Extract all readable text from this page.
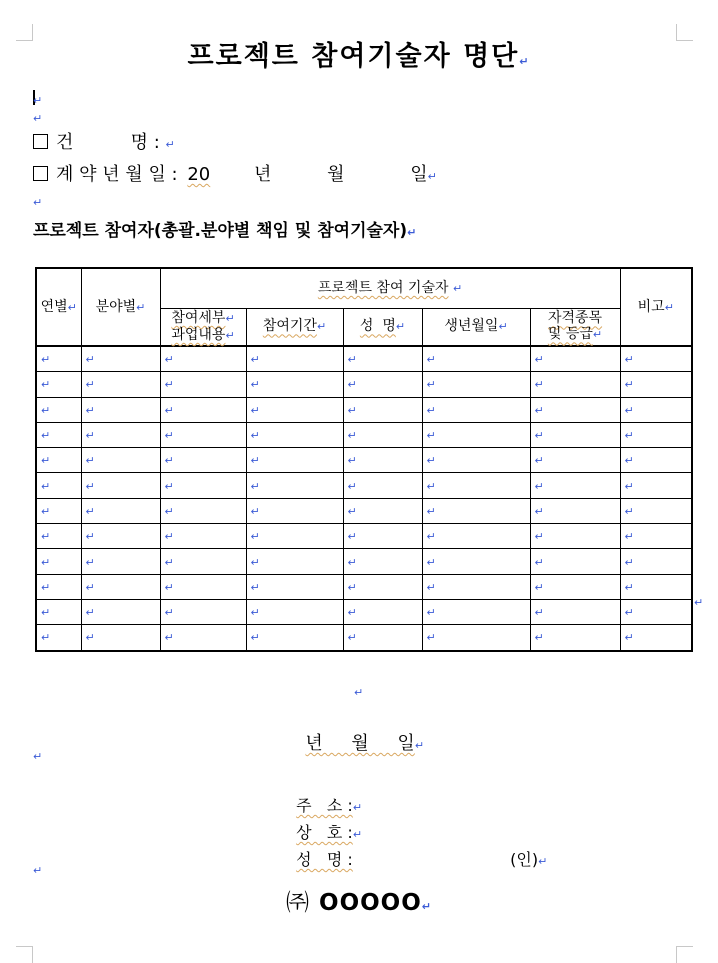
프로젝트 참여기술자 명단↵
↵
↵
건          명 : ↵
계 약 년 월 일 : 20 년	월	일↵
↵
프로젝트 참여자(총괄.분야별 책임 및 참여기술자)↵
연별↵	분야별↵	프로젝트 참여 기술자 ↵					비고↵
		참여세부↵
과업내용↵	참여기간↵	성  명↵	생년월일↵	자격종목
및 등급↵	
↵	↵	↵	↵	↵	↵	↵	↵
↵	↵	↵	↵	↵	↵	↵	↵
↵	↵	↵	↵	↵	↵	↵	↵
↵	↵	↵	↵	↵	↵	↵	↵
↵	↵	↵	↵	↵	↵	↵	↵
↵	↵	↵	↵	↵	↵	↵	↵
↵	↵	↵	↵	↵	↵	↵	↵
↵	↵	↵	↵	↵	↵	↵	↵
↵	↵	↵	↵	↵	↵	↵	↵
↵	↵	↵	↵	↵	↵	↵	↵
↵	↵	↵	↵	↵	↵	↵	↵
↵	↵	↵	↵	↵	↵	↵	↵
↵
↵

년     월     일↵

↵

주   소 :↵

상   호 :↵

성   명 :	(인)↵

↵
㈜ OOOOO↵
